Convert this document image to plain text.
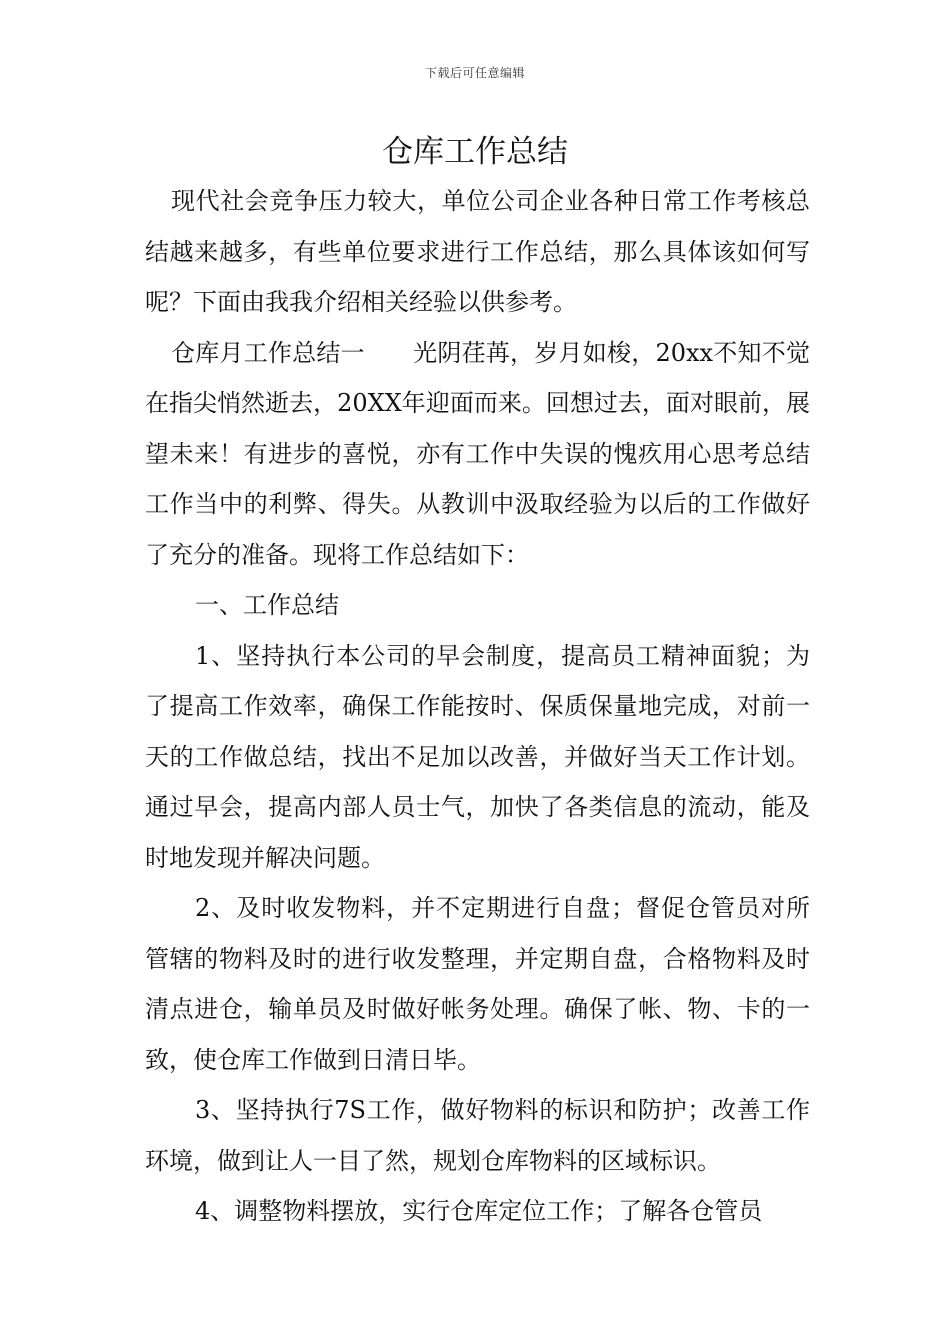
下载后可任意编辑
仓库工作总结

现代社会竞争压力较大，单位公司企业各种日常工作考核总结越来越多，有些单位要求进行工作总结，那么具体该如何写呢？下面由我我介绍相关经验以供参考。

仓库月工作总结一 光阴荏苒，岁月如梭，20xx不知不觉在指尖悄然逝去，20XX年迎面而来。回想过去，面对眼前，展望未来！有进步的喜悦，亦有工作中失误的愧疚用心思考总结工作当中的利弊、得失。从教训中汲取经验为以后的工作做好了充分的准备。现将工作总结如下：

一、工作总结

1、坚持执行本公司的早会制度，提高员工精神面貌；为了提高工作效率，确保工作能按时、保质保量地完成，对前一天的工作做总结，找出不足加以改善，并做好当天工作计划。通过早会，提高内部人员士气，加快了各类信息的流动，能及时地发现并解决问题。

2、及时收发物料，并不定期进行自盘；督促仓管员对所管辖的物料及时的进行收发整理，并定期自盘，合格物料及时清点进仓，输单员及时做好帐务处理。确保了帐、物、卡的一致，使仓库工作做到日清日毕。

3、坚持执行7S工作，做好物料的标识和防护；改善工作环境，做到让人一目了然，规划仓库物料的区域标识。

4、调整物料摆放，实行仓库定位工作；了解各仓管员
